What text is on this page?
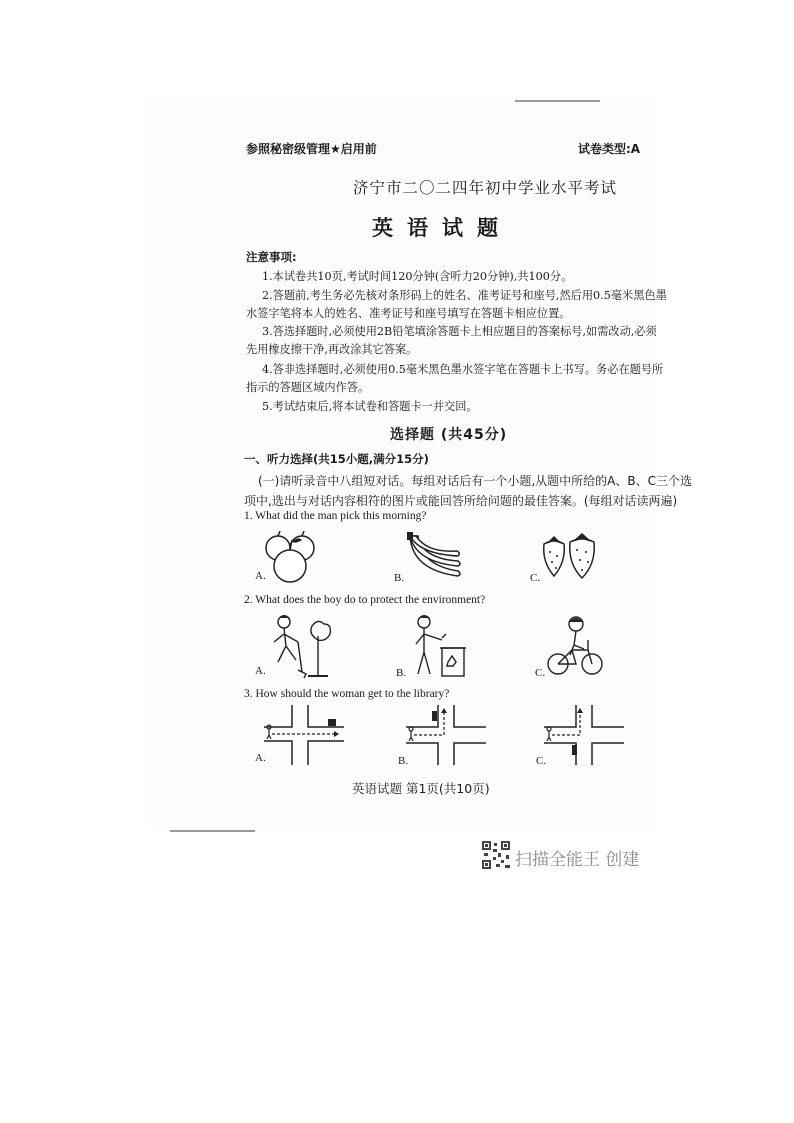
参照秘密级管理★启用前	试卷类型:A
济宁市二〇二四年初中学业水平考试
英语试题
注意事项:
1.本试卷共10页,考试时间120分钟(含听力20分钟),共100分。
2.答题前,考生务必先核对条形码上的姓名、准考证号和座号,然后用0.5毫米黑色墨
水签字笔将本人的姓名、准考证号和座号填写在答题卡相应位置。
3.答选择题时,必须使用2B铅笔填涂答题卡上相应题目的答案标号,如需改动,必须
先用橡皮擦干净,再改涂其它答案。
4.答非选择题时,必须使用0.5毫米黑色墨水签字笔在答题卡上书写。务必在题号所
指示的答题区域内作答。
5.考试结束后,将本试卷和答题卡一并交回。
选择题 (共45分)
一、听力选择(共15小题,满分15分)
(一)请听录音中八组短对话。每组对话后有一个小题,从题中所给的A、B、C三个选
项中,选出与对话内容相符的图片或能回答所给问题的最佳答案。(每组对话读两遍)
1. What did the man pick this morning?
A.	B.	C.
2. What does the boy do to protect the environment?
A.	B.	C.
3. How should the woman get to the library?
A.	B.	C.
英语试题 第1页(共10页)
扫描全能王 创建
